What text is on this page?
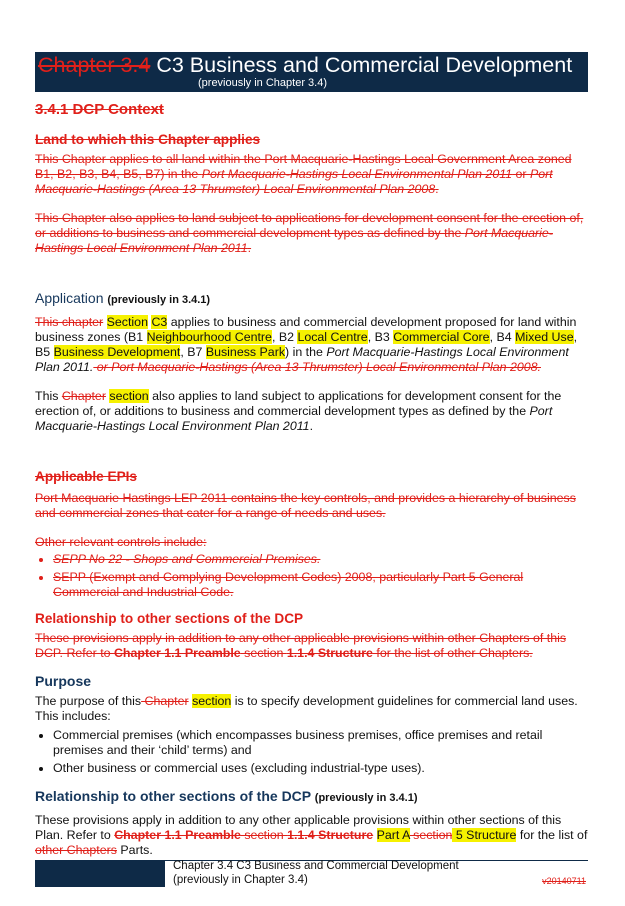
Chapter 3.4 C3 Business and Commercial Development
(previously in Chapter 3.4)
3.4.1 DCP Context
Land to which this Chapter applies

This Chapter applies to all land within the Port Macquarie-Hastings Local Government Area zoned B1, B2, B3, B4, B5, B7) in the Port Macquarie-Hastings Local Environmental Plan 2011 or Port Macquarie-Hastings (Area 13 Thrumster) Local Environmental Plan 2008.

This Chapter also applies to land subject to applications for development consent for the erection of, or additions to business and commercial development types as defined by the Port Macquarie-Hastings Local Environment Plan 2011.

Application (previously in 3.4.1)

This chapter Section C3 applies to business and commercial development proposed for land within business zones (B1 Neighbourhood Centre, B2 Local Centre, B3 Commercial Core, B4 Mixed Use, B5 Business Development, B7 Business Park) in the Port Macquarie-Hastings Local Environment Plan 2011. or Port Macquarie-Hastings (Area 13 Thrumster) Local Environmental Plan 2008.

This Chapter section also applies to land subject to applications for development consent for the erection of, or additions to business and commercial development types as defined by the Port Macquarie-Hastings Local Environment Plan 2011.

Applicable EPIs

Port Macquarie Hastings LEP 2011 contains the key controls, and provides a hierarchy of business and commercial zones that cater for a range of needs and uses.

Other relevant controls include:
• SEPP No 22 - Shops and Commercial Premises.
• SEPP (Exempt and Complying Development Codes) 2008, particularly Part 5 General Commercial and Industrial Code.
Relationship to other sections of the DCP

These provisions apply in addition to any other applicable provisions within other Chapters of this DCP. Refer to Chapter 1.1 Preamble section 1.1.4 Structure for the list of other Chapters.

Purpose
The purpose of this Chapter section is to specify development guidelines for commercial land uses. This includes:
• Commercial premises (which encompasses business premises, office premises and retail premises and their ‘child’ terms) and
• Other business or commercial uses (excluding industrial-type uses).
Relationship to other sections of the DCP (previously in 3.4.1)

These provisions apply in addition to any other applicable provisions within other sections of this Plan. Refer to Chapter 1.1 Preamble section 1.1.4 Structure Part A section 5 Structure for the list of other Chapters Parts.

Chapter 3.4 C3 Business and Commercial Development
(previously in Chapter 3.4)	v20140711
